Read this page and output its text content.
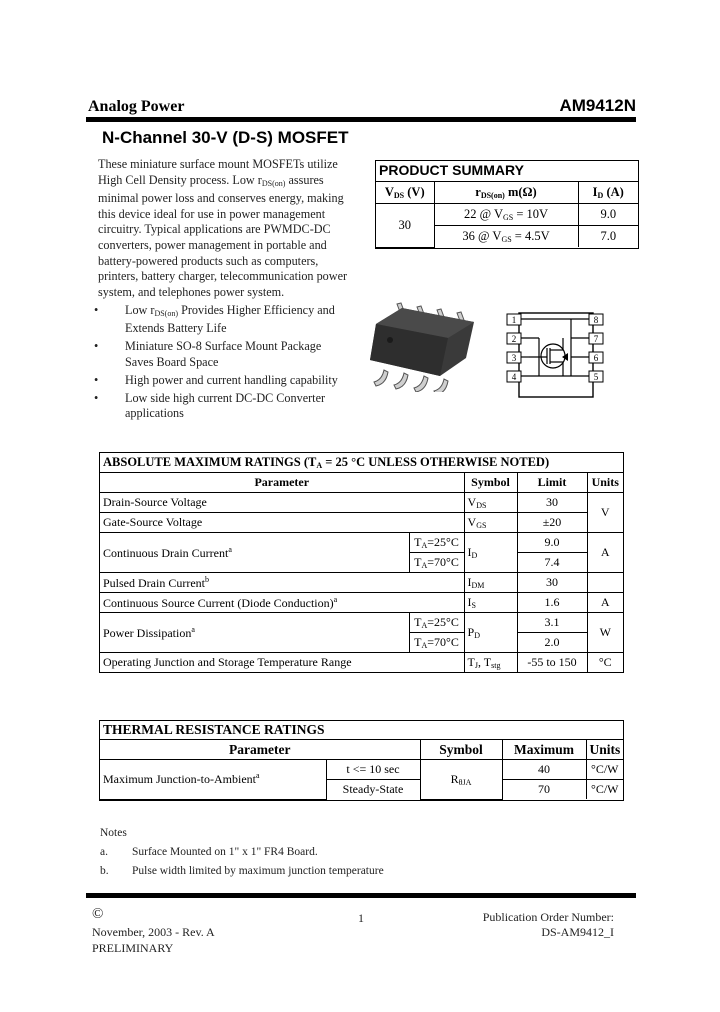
Analog Power	AM9412N
N-Channel 30-V (D-S) MOSFET
These miniature surface mount MOSFETs utilize High Cell Density process. Low $r_{DS(on)}$ assures minimal power loss and conserves energy, making this device ideal for use in power management circuitry. Typical applications are PWMDC-DC converters, power management in portable and battery-powered products such as computers, printers, battery charger, telecommunication power system, and telephones power system.
• Low $r_{DS(on)}$ Provides Higher Efficiency and Extends Battery Life
• Miniature SO-8 Surface Mount Package Saves Board Space
• High power and current handling capability
• Low side high current DC-DC Converter applications
PRODUCT SUMMARY
$V_{DS}$ (V)	$r_{DS(on)}$ m(Ω)	$I_D$ (A)
30	22 @ $V_{GS} = 10V$	9.0
	36 @ $V_{GS} = 4.5V$	7.0
1
2
3
4
8
7
6
5
ABSOLUTE MAXIMUM RATINGS ($T_A = 25$ °C UNLESS OTHERWISE NOTED)
Parameter		Symbol	Limit	Units
Drain-Source Voltage		$V_{DS}$	30	V
Gate-Source Voltage		$V_{GS}$	±20	
Continuous Drain Current$^a$	$T_A=25^\circ C$	$I_D$	9.0	A
	$T_A=70^\circ C$		7.4	
Pulsed Drain Current$^b$		$I_{DM}$	30	
Continuous Source Current (Diode Conduction)$^a$		$I_S$	1.6	A
Power Dissipation$^a$	$T_A=25^\circ C$	$P_D$	3.1	W
	$T_A=70^\circ C$		2.0	
Operating Junction and Storage Temperature Range		$T_J$, $T_{stg}$	-55 to 150	°C
THERMAL RESISTANCE RATINGS
Parameter		Symbol	Maximum	Units
Maximum Junction-to-Ambient$^a$	t <= 10 sec	$R_{\theta JA}$	40	°C/W
	Steady-State		70	°C/W
Notes
a. Surface Mounted on 1" x 1" FR4 Board.
b. Pulse width limited by maximum junction temperature
©
November, 2003 - Rev. A
PRELIMINARY
1	Publication Order Number:
DS-AM9412_I
